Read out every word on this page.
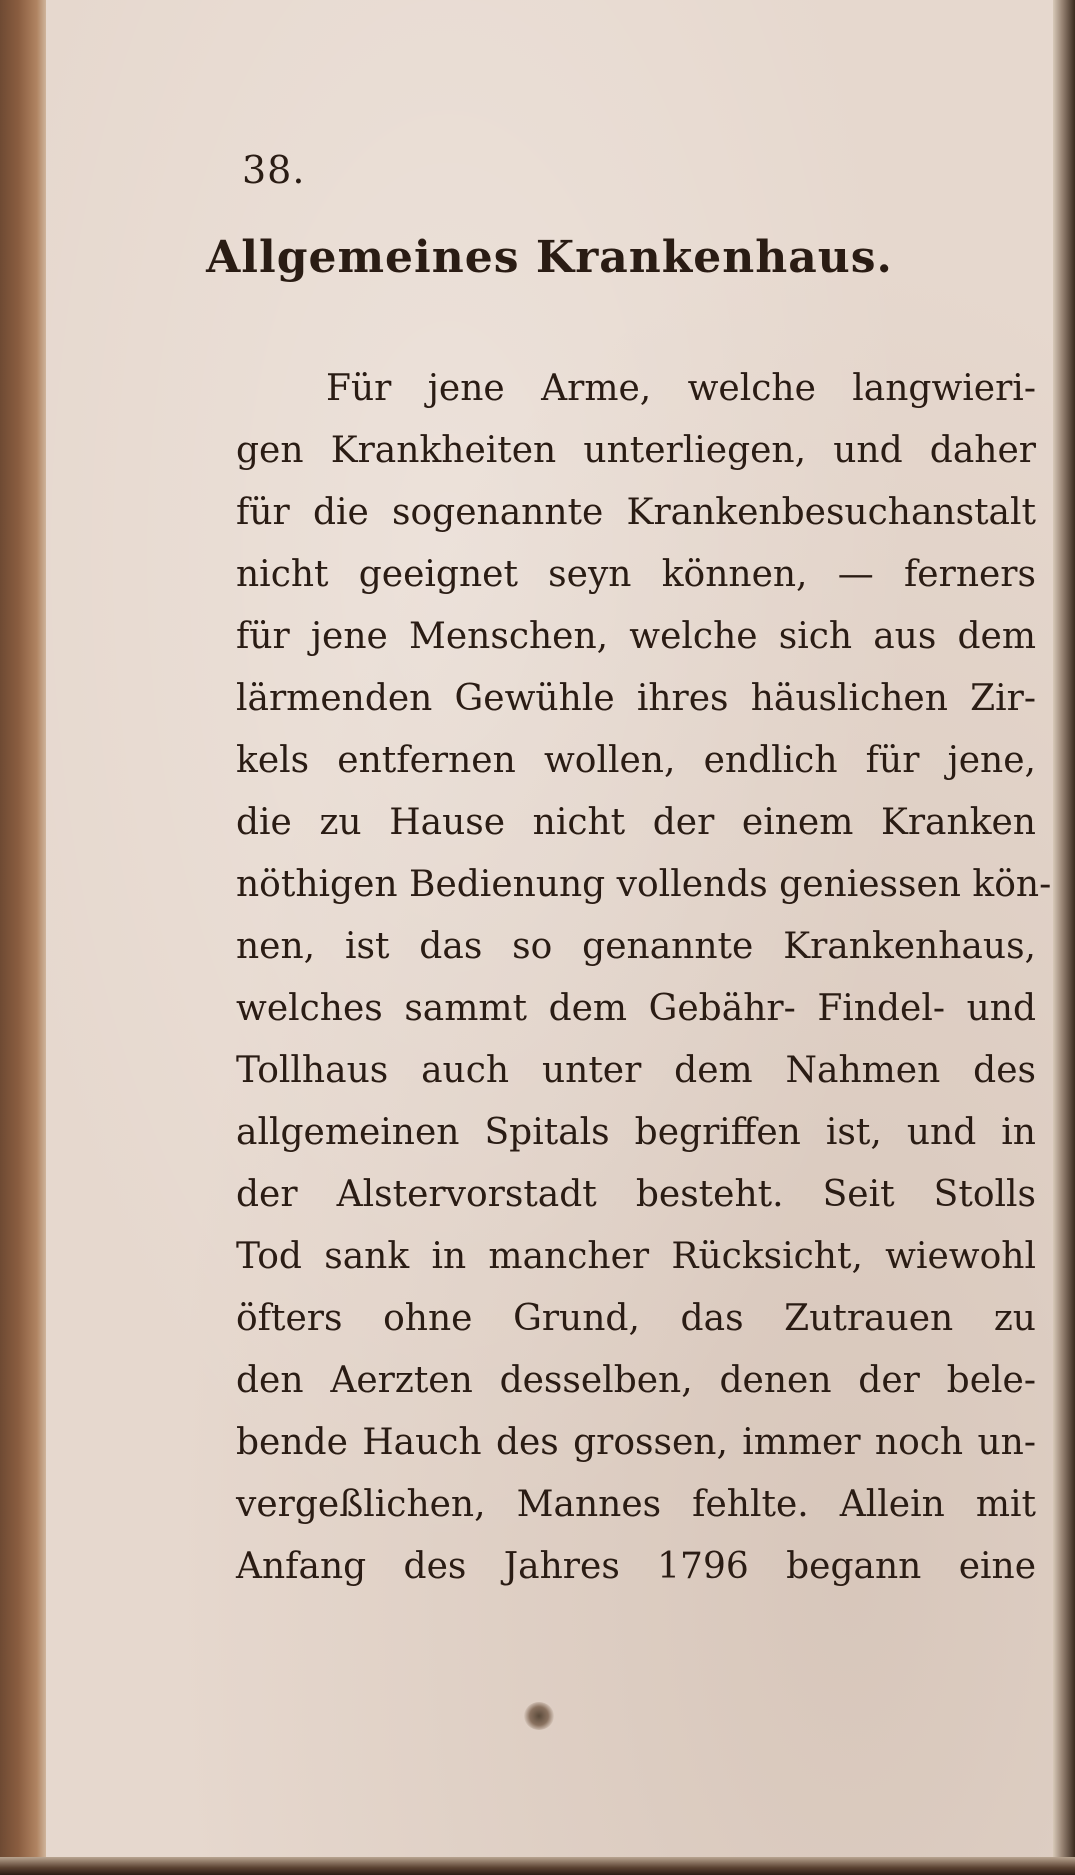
38.
Allgemeines Krankenhaus.
Für jene Arme, welche langwieri-
gen Krankheiten unterliegen, und daher
für die sogenannte Krankenbesuchanstalt
nicht geeignet seyn können, — ferners
für jene Menschen, welche sich aus dem
lärmenden Gewühle ihres häuslichen Zir-
kels entfernen wollen, endlich für jene,
die zu Hause nicht der einem Kranken
nöthigen Bedienung vollends geniessen kön-
nen, ist das so genannte Krankenhaus,
welches sammt dem Gebähr- Findel- und
Tollhaus auch unter dem Nahmen des
allgemeinen Spitals begriffen ist, und in
der Alstervorstadt besteht. Seit Stolls
Tod sank in mancher Rücksicht, wiewohl
öfters ohne Grund, das Zutrauen zu
den Aerzten desselben, denen der bele-
bende Hauch des grossen, immer noch un-
vergeßlichen, Mannes fehlte. Allein mit
Anfang des Jahres 1796 begann eine
